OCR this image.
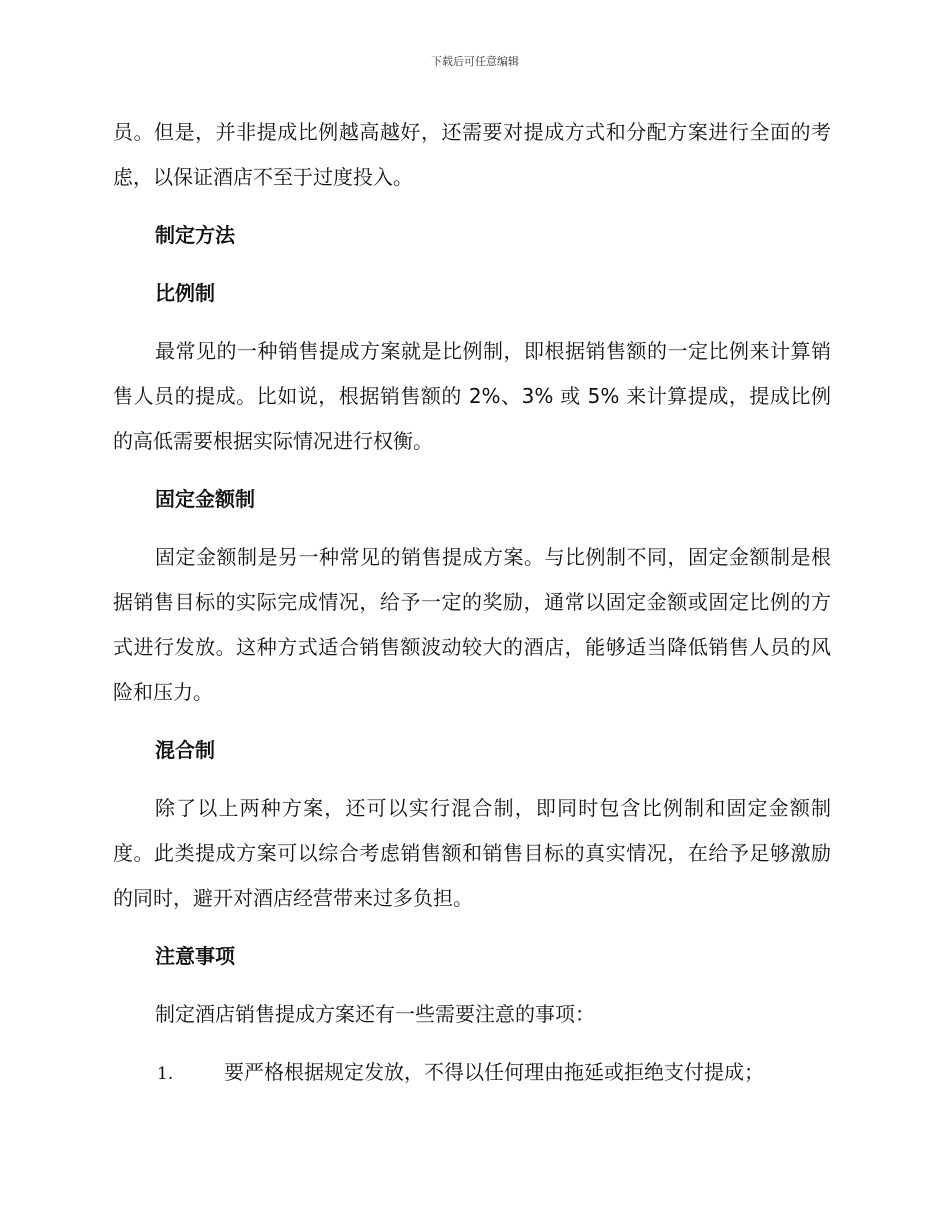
下载后可任意编辑

员。但是，并非提成比例越高越好，还需要对提成方式和分配方案进行全面的考虑，以保证酒店不至于过度投入。

制定方法
比例制

最常见的一种销售提成方案就是比例制，即根据销售额的一定比例来计算销售人员的提成。比如说，根据销售额的 2%、3% 或 5% 来计算提成，提成比例的高低需要根据实际情况进行权衡。

固定金额制

固定金额制是另一种常见的销售提成方案。与比例制不同，固定金额制是根据销售目标的实际完成情况，给予一定的奖励，通常以固定金额或固定比例的方式进行发放。这种方式适合销售额波动较大的酒店，能够适当降低销售人员的风险和压力。

混合制

除了以上两种方案，还可以实行混合制，即同时包含比例制和固定金额制度。此类提成方案可以综合考虑销售额和销售目标的真实情况，在给予足够激励的同时，避开对酒店经营带来过多负担。

注意事项

制定酒店销售提成方案还有一些需要注意的事项：

1.	要严格根据规定发放，不得以任何理由拖延或拒绝支付提成；
